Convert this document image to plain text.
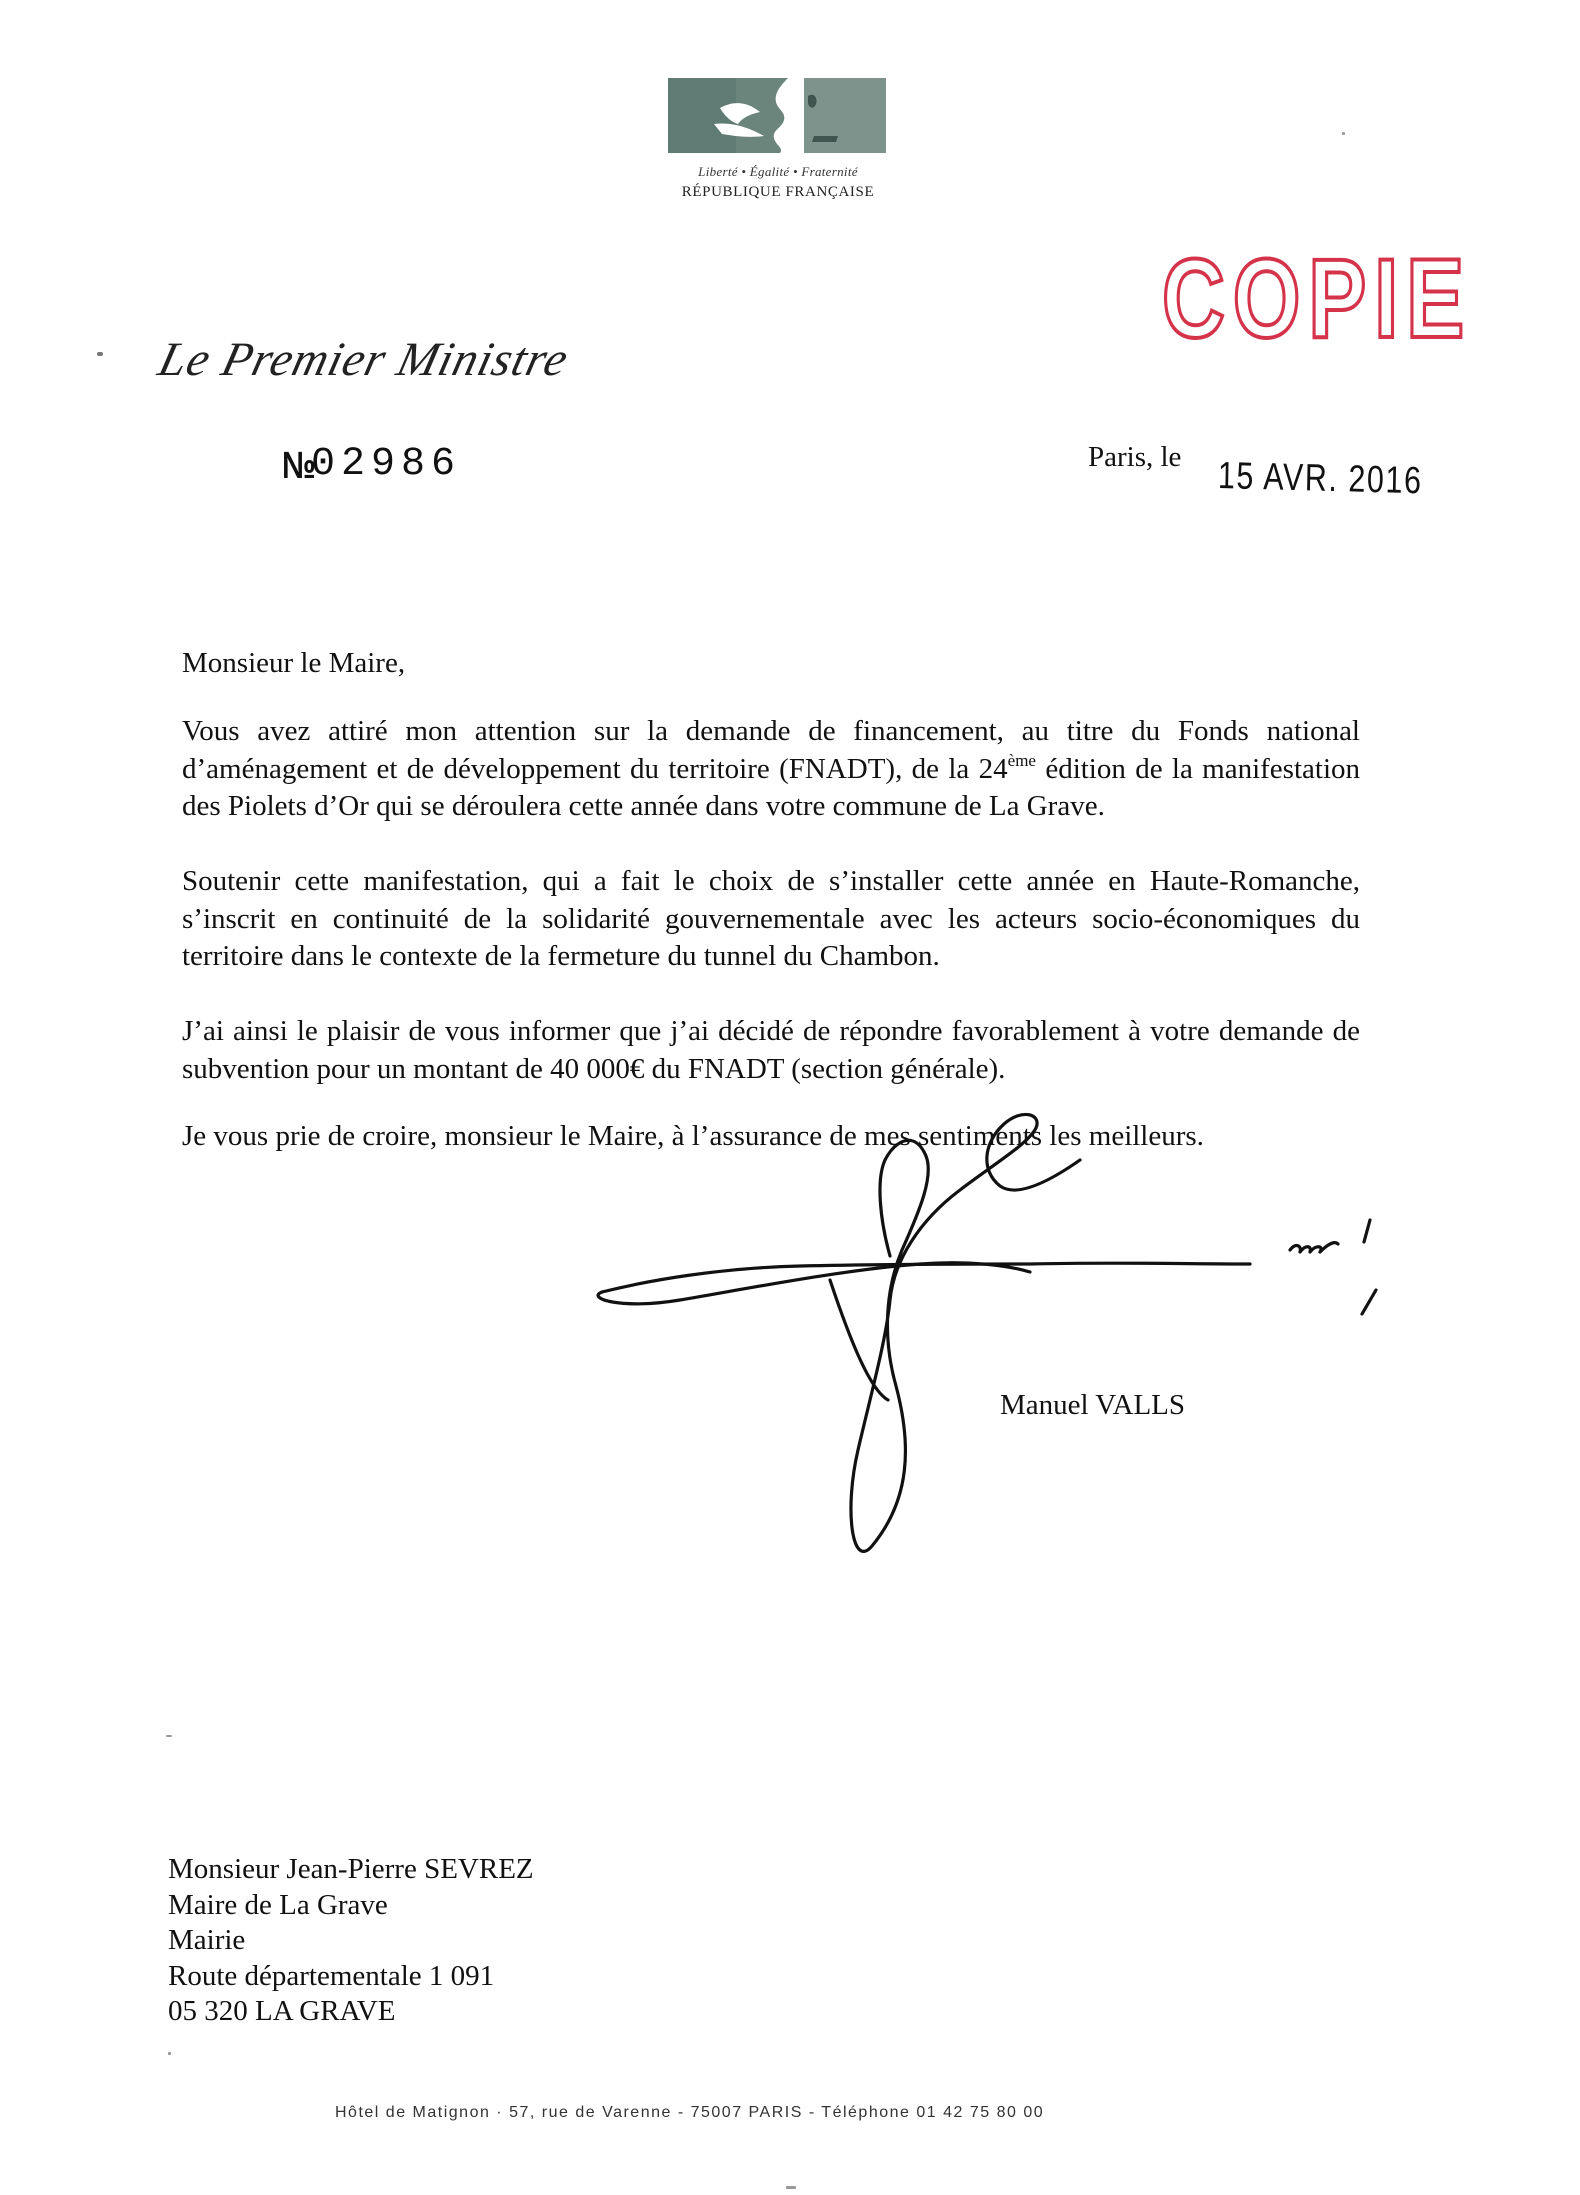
Liberté • Égalité • Fraternité
RÉPUBLIQUE FRANÇAISE
COPIE
Le Premier Ministre
№
02986	Paris, le 15 AVR. 2016

Monsieur le Maire,

Vous avez attiré mon attention sur la demande de financement, au titre du Fonds national d’aménagement et de développement du territoire (FNADT), de la 24ème édition de la manifestation des Piolets d’Or qui se déroulera cette année dans votre commune de La Grave.

Soutenir cette manifestation, qui a fait le choix de s’installer cette année en Haute-Romanche, s’inscrit en continuité de la solidarité gouvernementale avec les acteurs socio-économiques du territoire dans le contexte de la fermeture du tunnel du Chambon.

J’ai ainsi le plaisir de vous informer que j’ai décidé de répondre favorablement à votre demande de subvention pour un montant de 40 000€ du FNADT (section générale).

Je vous prie de croire, monsieur le Maire, à l’assurance de mes sentiments les meilleurs.

Manuel VALLS
Monsieur Jean-Pierre SEVREZ
Maire de La Grave
Mairie
Route départementale 1 091
05 320 LA GRAVE
Hôtel de Matignon · 57, rue de Varenne - 75007 PARIS - Téléphone 01 42 75 80 00
